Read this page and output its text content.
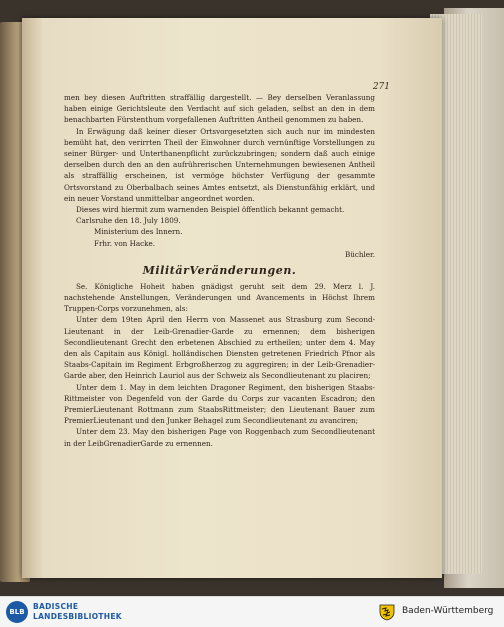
271

men bey diesen Auftritten straffällig dargestellt. — Bey derselben Veranlassung haben einige Gerichtsleute den Verdacht auf sich geladen, selbst an den in dem benachbarten Fürstenthum vorgefallenen Auftritten Antheil genommen zu haben.

In Erwägung daß keiner dieser Ortsvorgesetzten sich auch nur im mindesten bemüht hat, den verirrten Theil der Einwohner durch vernünftige Vorstellungen zu seiner Bürger- und Unterthanenpflicht zurückzubringen; sondern daß auch einige derselben durch den an den aufrührerischen Unternehmungen bewiesenen Antheil als straffällig erscheinen, ist vermöge höchster Verfügung der gesammte Ortsvorstand zu Oberbalbach seines Amtes entsetzt, als Dienstunfähig erklärt, und ein neuer Vorstand unmittelbar angeordnet worden.

Dieses wird hiermit zum warnenden Beispiel öffentlich bekannt gemacht.

Carlsruhe den 18. July 1809.

Ministerium des Innern.

Frhr. von Hacke.

Büchler.
MilitärVeränderungen.

Se. Königliche Hoheit haben gnädigst geruht seit dem 29. Merz l. J. nachstehende Anstellungen, Veränderungen und Avancements in Höchst Ihrem Truppen-Corps vorzunehmen, als:

Unter dem 19ten April den Herrn von Massenet aus Strasburg zum Second-Lieutenant in der Leib-Grenadier-Garde zu ernennen; dem bisherigen Secondlieutenant Grecht den erbetenen Abschied zu ertheilen; unter dem 4. May den als Capitain aus Königl. holländischen Diensten getretenen Friedrich Pfnor als Staabs-Capitain im Regiment Erbgroßherzog zu aggregiren; in der Leib-Grenadier-Garde aber, den Heinrich Lauriol aus der Schweiz als Secondlieutenant zu placiren;

Unter dem 1. May in dem leichten Dragoner Regiment, den bisherigen Staabs-Rittmeister von Degenfeld von der Garde du Corps zur vacanten Escadron; den PremierLieutenant Rottmann zum StaabsRittmeister; den Lieutenant Bauer zum PremierLieutenant und den Junker Behagel zum Secondlieutenant zu avanciren;

Unter dem 23. May den bisherigen Page von Roggenbach zum Secondlieutenant in der LeibGrenadierGarde zu ernennen.

BLB
BADISCHE
LANDESBIBLIOTHEK
Baden-Württemberg
